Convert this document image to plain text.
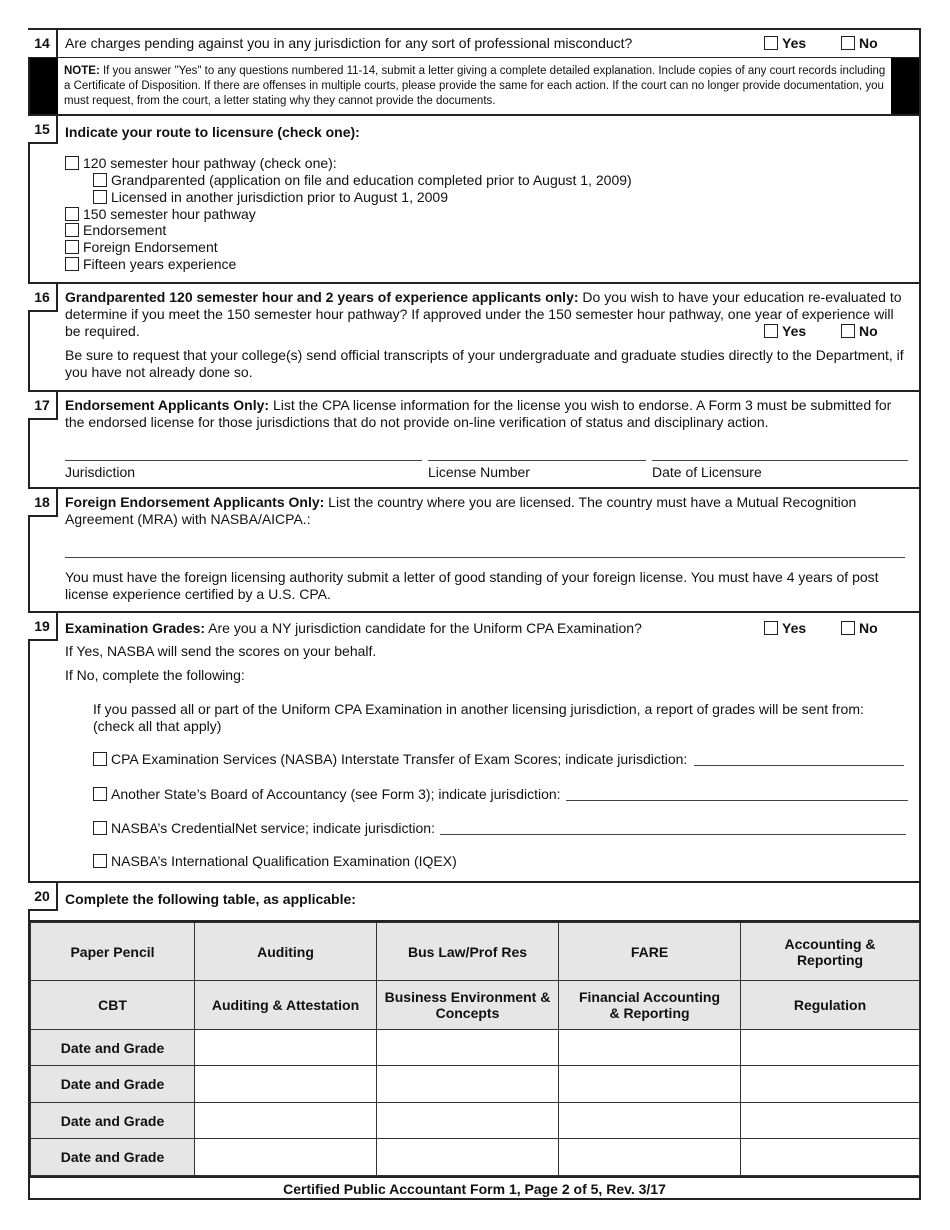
14	Are charges pending against you in any jurisdiction for any sort of professional misconduct?	Yes	No
NOTE: If you answer "Yes" to any questions numbered 11-14, submit a letter giving a complete detailed explanation. Include copies of any court records including a Certificate of Disposition. If there are offenses in multiple courts, please provide the same for each action. If the court can no longer provide documentation, you must request, from the court, a letter stating why they cannot provide the documents.
15	Indicate your route to licensure (check one):
120 semester hour pathway (check one):
Grandparented (application on file and education completed prior to August 1, 2009)
Licensed in another jurisdiction prior to August 1, 2009
150 semester hour pathway
Endorsement
Foreign Endorsement
Fifteen years experience
16	Grandparented 120 semester hour and 2 years of experience applicants only: Do you wish to have your education re-evaluated to determine if you meet the 150 semester hour pathway? If approved under the 150 semester hour pathway, one year of experience will be required.	Yes	No
Be sure to request that your college(s) send official transcripts of your undergraduate and graduate studies directly to the Department, if you have not already done so.
17	Endorsement Applicants Only: List the CPA license information for the license you wish to endorse. A Form 3 must be submitted for the endorsed license for those jurisdictions that do not provide on-line verification of status and disciplinary action.
Jurisdiction	License Number	Date of Licensure
18	Foreign Endorsement Applicants Only: List the country where you are licensed. The country must have a Mutual Recognition Agreement (MRA) with NASBA/AICPA.:
You must have the foreign licensing authority submit a letter of good standing of your foreign license. You must have 4 years of post license experience certified by a U.S. CPA.
19	Examination Grades: Are you a NY jurisdiction candidate for the Uniform CPA Examination?	Yes	No
If Yes, NASBA will send the scores on your behalf.
If No, complete the following:
If you passed all or part of the Uniform CPA Examination in another licensing jurisdiction, a report of grades will be sent from: (check all that apply)
CPA Examination Services (NASBA) Interstate Transfer of Exam Scores; indicate jurisdiction:
Another State’s Board of Accountancy (see Form 3); indicate jurisdiction:
NASBA’s CredentialNet service; indicate jurisdiction:
NASBA’s International Qualification Examination (IQEX)
20	Complete the following table, as applicable:
Paper Pencil	Auditing	Bus Law/Prof Res	FARE	Accounting & Reporting
CBT	Auditing & Attestation	Business Environment & Concepts	Financial Accounting & Reporting	Regulation
Date and Grade				
Date and Grade				
Date and Grade				
Date and Grade				
Certified Public Accountant Form 1, Page 2 of 5, Rev. 3/17
